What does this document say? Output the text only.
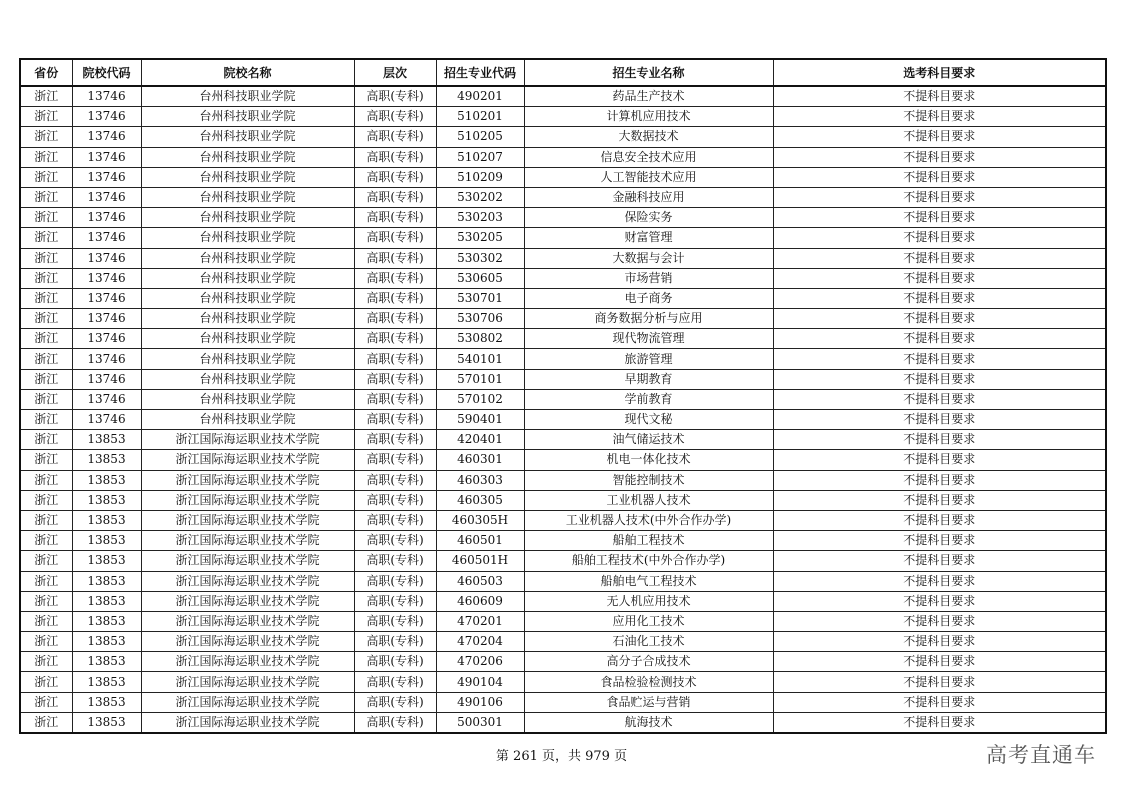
省份	院校代码	院校名称	层次	招生专业代码	招生专业名称	选考科目要求
浙江	13746	台州科技职业学院	高职(专科)	490201	药品生产技术	不提科目要求
浙江	13746	台州科技职业学院	高职(专科)	510201	计算机应用技术	不提科目要求
浙江	13746	台州科技职业学院	高职(专科)	510205	大数据技术	不提科目要求
浙江	13746	台州科技职业学院	高职(专科)	510207	信息安全技术应用	不提科目要求
浙江	13746	台州科技职业学院	高职(专科)	510209	人工智能技术应用	不提科目要求
浙江	13746	台州科技职业学院	高职(专科)	530202	金融科技应用	不提科目要求
浙江	13746	台州科技职业学院	高职(专科)	530203	保险实务	不提科目要求
浙江	13746	台州科技职业学院	高职(专科)	530205	财富管理	不提科目要求
浙江	13746	台州科技职业学院	高职(专科)	530302	大数据与会计	不提科目要求
浙江	13746	台州科技职业学院	高职(专科)	530605	市场营销	不提科目要求
浙江	13746	台州科技职业学院	高职(专科)	530701	电子商务	不提科目要求
浙江	13746	台州科技职业学院	高职(专科)	530706	商务数据分析与应用	不提科目要求
浙江	13746	台州科技职业学院	高职(专科)	530802	现代物流管理	不提科目要求
浙江	13746	台州科技职业学院	高职(专科)	540101	旅游管理	不提科目要求
浙江	13746	台州科技职业学院	高职(专科)	570101	早期教育	不提科目要求
浙江	13746	台州科技职业学院	高职(专科)	570102	学前教育	不提科目要求
浙江	13746	台州科技职业学院	高职(专科)	590401	现代文秘	不提科目要求
浙江	13853	浙江国际海运职业技术学院	高职(专科)	420401	油气储运技术	不提科目要求
浙江	13853	浙江国际海运职业技术学院	高职(专科)	460301	机电一体化技术	不提科目要求
浙江	13853	浙江国际海运职业技术学院	高职(专科)	460303	智能控制技术	不提科目要求
浙江	13853	浙江国际海运职业技术学院	高职(专科)	460305	工业机器人技术	不提科目要求
浙江	13853	浙江国际海运职业技术学院	高职(专科)	460305H	工业机器人技术(中外合作办学)	不提科目要求
浙江	13853	浙江国际海运职业技术学院	高职(专科)	460501	船舶工程技术	不提科目要求
浙江	13853	浙江国际海运职业技术学院	高职(专科)	460501H	船舶工程技术(中外合作办学)	不提科目要求
浙江	13853	浙江国际海运职业技术学院	高职(专科)	460503	船舶电气工程技术	不提科目要求
浙江	13853	浙江国际海运职业技术学院	高职(专科)	460609	无人机应用技术	不提科目要求
浙江	13853	浙江国际海运职业技术学院	高职(专科)	470201	应用化工技术	不提科目要求
浙江	13853	浙江国际海运职业技术学院	高职(专科)	470204	石油化工技术	不提科目要求
浙江	13853	浙江国际海运职业技术学院	高职(专科)	470206	高分子合成技术	不提科目要求
浙江	13853	浙江国际海运职业技术学院	高职(专科)	490104	食品检验检测技术	不提科目要求
浙江	13853	浙江国际海运职业技术学院	高职(专科)	490106	食品贮运与营销	不提科目要求
浙江	13853	浙江国际海运职业技术学院	高职(专科)	500301	航海技术	不提科目要求
第 261 页，共 979 页	高考直通车
